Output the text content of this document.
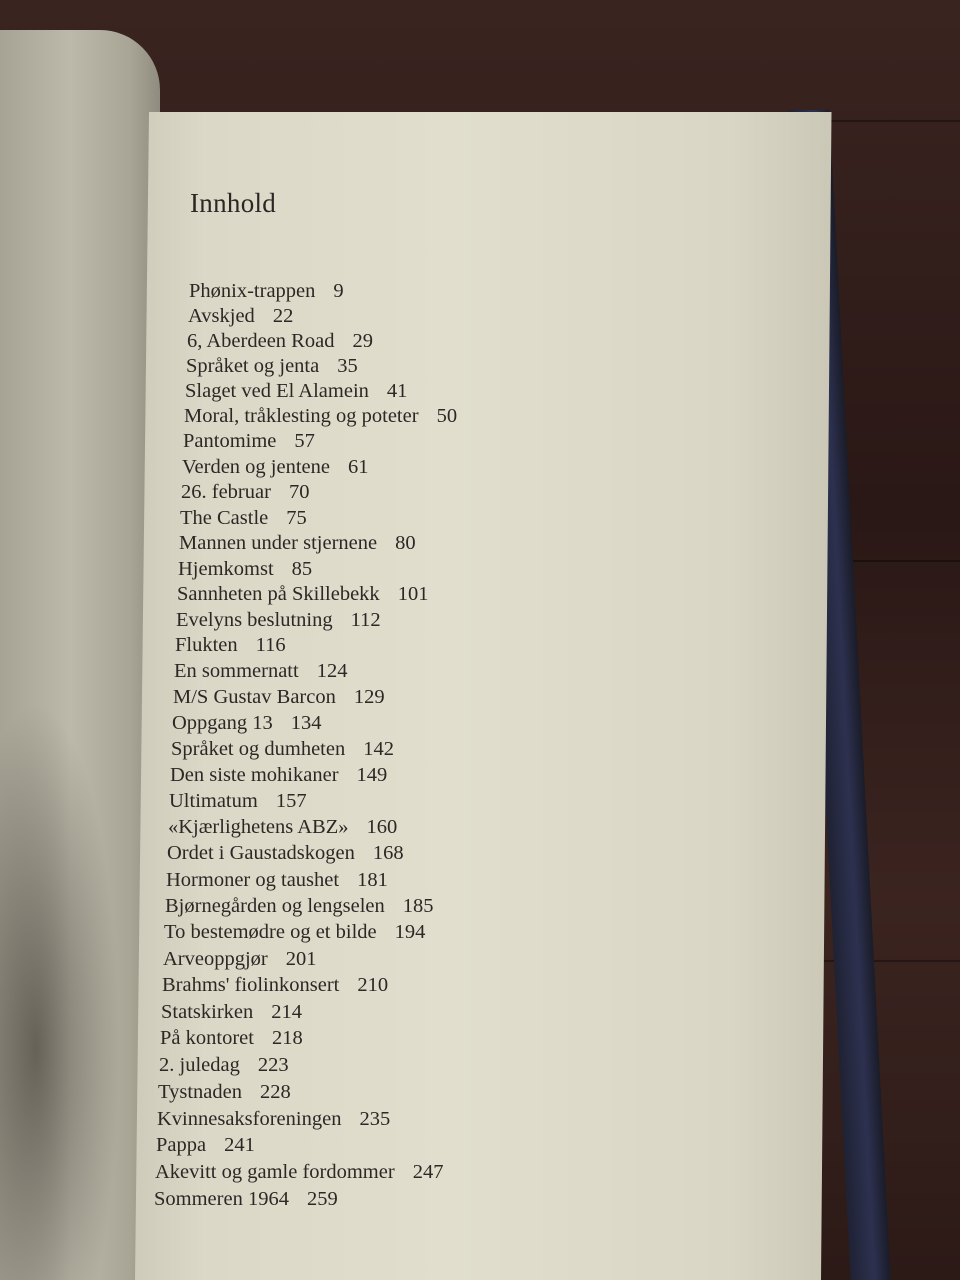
Innhold
Phønix-trappen 9
Avskjed 22
6, Aberdeen Road 29
Språket og jenta 35
Slaget ved El Alamein 41
Moral, tråklesting og poteter 50
Pantomime 57
Verden og jentene 61
26. februar 70
The Castle 75
Mannen under stjernene 80
Hjemkomst 85
Sannheten på Skillebekk 101
Evelyns beslutning 112
Flukten 116
En sommernatt 124
M/S Gustav Barcon 129
Oppgang 13 134
Språket og dumheten 142
Den siste mohikaner 149
Ultimatum 157
«Kjærlighetens ABZ» 160
Ordet i Gaustadskogen 168
Hormoner og taushet 181
Bjørnegården og lengselen 185
To bestemødre og et bilde 194
Arveoppgjør 201
Brahms' fiolinkonsert 210
Statskirken 214
På kontoret 218
2. juledag 223
Tystnaden 228
Kvinnesaksforeningen 235
Pappa 241
Akevitt og gamle fordommer 247
Sommeren 1964 259
